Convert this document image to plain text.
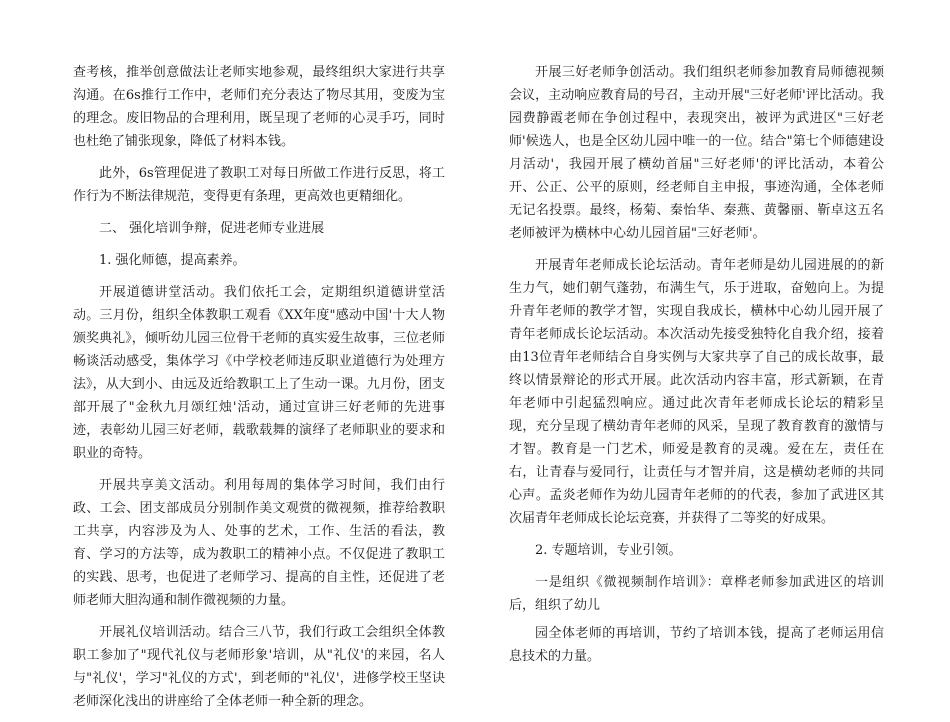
查考核，推举创意做法让老师实地参观，最终组织大家进行共享沟通。在6s推行工作中，老师们充分表达了物尽其用，变废为宝的理念。废旧物品的合理利用，既呈现了老师的心灵手巧，同时也杜绝了铺张现象，降低了材料本钱。

此外，6s管理促进了教职工对每日所做工作进行反思，将工作行为不断法律规范，变得更有条理，更高效也更精细化。

二、 强化培训争辩，促进老师专业进展

1. 强化师德，提高素养。

开展道德讲堂活动。我们依托工会，定期组织道德讲堂活动。三月份，组织全体教职工观看《XX年度"感动中国'十大人物颁奖典礼》，倾听幼儿园三位骨干老师的真实爱生故事，三位老师畅谈活动感受，集体学习《中学校老师违反职业道德行为处理方法》，从大到小、由远及近给教职工上了生动一课。九月份，团支部开展了"金秋九月颂红烛'活动，通过宣讲三好老师的先进事迹，表彰幼儿园三好老师，载歌载舞的演绎了老师职业的要求和职业的奇特。

开展共享美文活动。利用每周的集体学习时间，我们由行政、工会、团支部成员分别制作美文观赏的微视频，推荐给教职工共享，内容涉及为人、处事的艺术，工作、生活的看法，教育、学习的方法等，成为教职工的精神小点。不仅促进了教职工的实践、思考，也促进了老师学习、提高的自主性，还促进了老师老师大胆沟通和制作微视频的力量。

开展礼仪培训活动。结合三八节，我们行政工会组织全体教职工参加了"现代礼仪与老师形象'培训，从"礼仪'的来园，名人与"礼仪'，学习"礼仪的方式'，到老师的"礼仪'，进修学校王坚诀老师深化浅出的讲座给了全体老师一种全新的理念。

开展三好老师争创活动。我们组织老师参加教育局师德视频会议，主动响应教育局的号召，主动开展"三好老师'评比活动。我园费静霞老师在争创过程中，表现突出，被评为武进区"三好老师'候选人，也是全区幼儿园中唯一的一位。结合"第七个师德建设月活动'，我园开展了横幼首届"三好老师'的评比活动，本着公开、公正、公平的原则，经老师自主申报，事迹沟通，全体老师无记名投票。最终，杨菊、秦怡华、秦燕、黄馨丽、靳卓这五名老师被评为横林中心幼儿园首届"三好老师'。

开展青年老师成长论坛活动。青年老师是幼儿园进展的的新生力气，她们朝气蓬勃，布满生气，乐于进取，奋勉向上。为提升青年老师的教学才智，实现自我成长，横林中心幼儿园开展了青年老师成长论坛活动。本次活动先接受独特化自我介绍，接着由13位青年老师结合自身实例与大家共享了自己的成长故事，最终以情景辩论的形式开展。此次活动内容丰富，形式新颖，在青年老师中引起猛烈响应。通过此次青年老师成长论坛的精彩呈现，充分呈现了横幼青年老师的风采，呈现了教育教育的激情与才智。教育是一门艺术，师爱是教育的灵魂。爱在左，责任在右，让青春与爱同行，让责任与才智并肩，这是横幼老师的共同心声。孟炎老师作为幼儿园青年老师的的代表，参加了武进区其次届青年老师成长论坛竞赛，并获得了二等奖的好成果。

2. 专题培训，专业引领。

一是组织《微视频制作培训》：章桦老师参加武进区的培训后，组织了幼儿

园全体老师的再培训，节约了培训本钱，提高了老师运用信息技术的力量。
